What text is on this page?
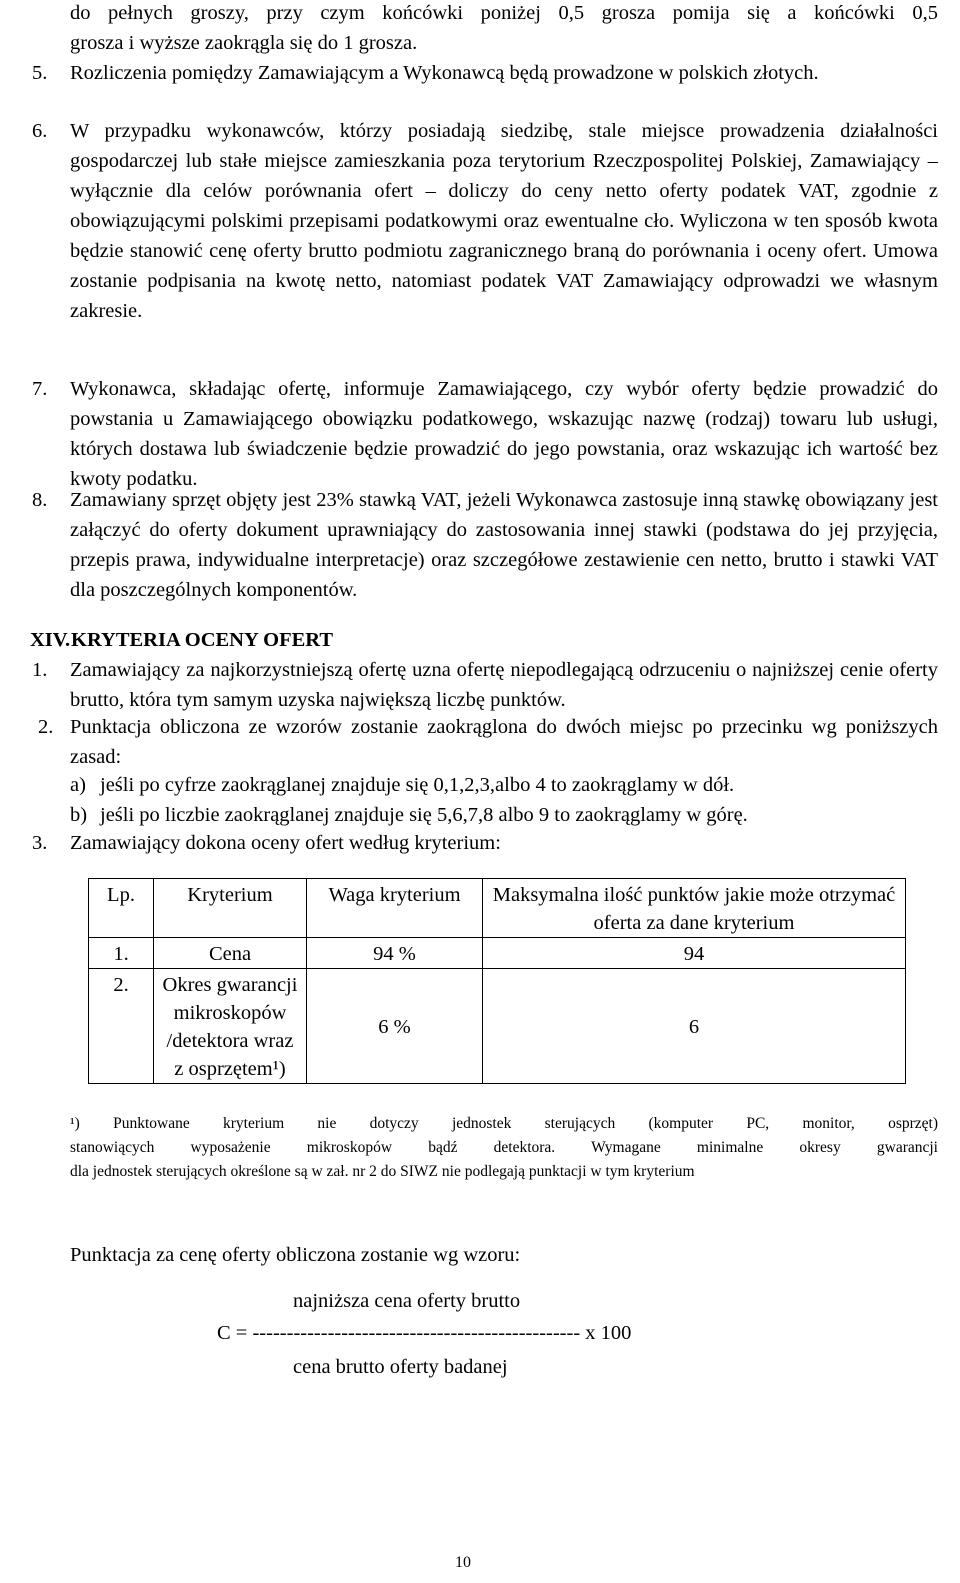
do pełnych groszy, przy czym końcówki poniżej 0,5 grosza pomija się a końcówki 0,5
grosza i wyższe zaokrągla się do 1 grosza.
5.	Rozliczenia pomiędzy Zamawiającym a Wykonawcą będą prowadzone w polskich złotych.
6.	W przypadku wykonawców, którzy posiadają siedzibę, stale miejsce prowadzenia działalności gospodarczej lub stałe miejsce zamieszkania poza terytorium Rzeczpospolitej Polskiej, Zamawiający – wyłącznie dla celów porównania ofert – doliczy do ceny netto oferty podatek VAT, zgodnie z obowiązującymi polskimi przepisami podatkowymi oraz ewentualne cło. Wyliczona w ten sposób kwota będzie stanowić cenę oferty brutto podmiotu zagranicznego braną do porównania i oceny ofert. Umowa zostanie podpisania na kwotę netto, natomiast podatek VAT Zamawiający odprowadzi we własnym zakresie.
7.	Wykonawca, składając ofertę, informuje Zamawiającego, czy wybór oferty będzie prowadzić do powstania u Zamawiającego obowiązku podatkowego, wskazując nazwę (rodzaj) towaru lub usługi, których dostawa lub świadczenie będzie prowadzić do jego powstania, oraz wskazując ich wartość bez kwoty podatku.
8.	Zamawiany sprzęt objęty jest 23% stawką VAT, jeżeli Wykonawca zastosuje inną stawkę obowiązany jest załączyć do oferty dokument uprawniający do zastosowania innej stawki (podstawa do jej przyjęcia, przepis prawa, indywidualne interpretacje) oraz szczegółowe zestawienie cen netto, brutto i stawki VAT dla poszczególnych komponentów.
XIV. KRYTERIA OCENY OFERT
1.	Zamawiający za najkorzystniejszą ofertę uzna ofertę niepodlegającą odrzuceniu o najniższej cenie oferty brutto, która tym samym uzyska największą liczbę punktów.
2. Punktacja obliczona ze wzorów zostanie zaokrąglona do dwóch miejsc po przecinku wg poniższych zasad:
a) jeśli po cyfrze zaokrąglanej znajduje się 0,1,2,3,albo 4 to zaokrąglamy w dół.
b) jeśli po liczbie zaokrąglanej znajduje się 5,6,7,8 albo 9 to zaokrąglamy w górę.
3.	Zamawiający dokona oceny ofert według kryterium:
Lp.	Kryterium	Waga kryterium	Maksymalna ilość punktów jakie może otrzymać oferta za dane kryterium
1.	Cena	94 %	94
2.	Okres gwarancji mikroskopów /detektora wraz z osprzętem¹)	6 %	6
¹) Punktowane kryterium nie dotyczy jednostek sterujących (komputer PC, monitor, osprzęt)
stanowiących wyposażenie mikroskopów bądź detektora. Wymagane minimalne okresy gwarancji
dla jednostek sterujących określone są w zał. nr 2 do SIWZ nie podlegają punktacji w tym kryterium
Punktacja za cenę oferty obliczona zostanie wg wzoru:
najniższa cena oferty brutto
C = ------------------------------------------------ x 100
cena brutto oferty badanej
10
